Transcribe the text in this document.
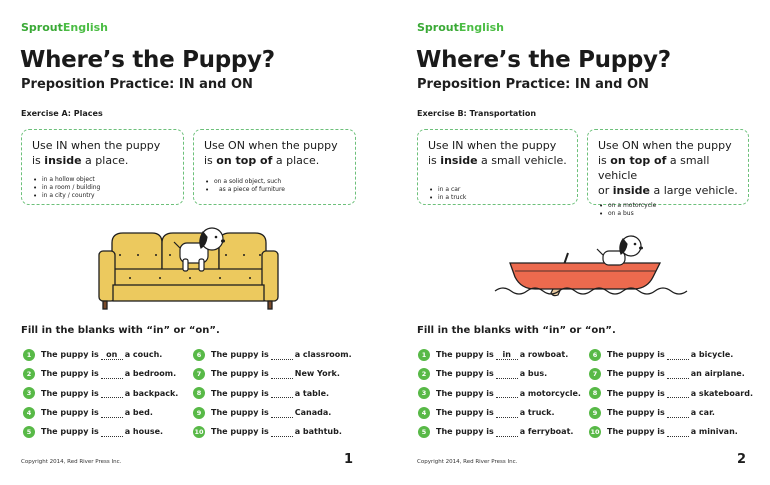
SproutEnglish
Where’s the Puppy?
Preposition Practice: IN and ON
Exercise A: Places
Use IN when the puppy
is inside a place.
• in a hollow object
• in a room / building
• in a city / country
Use ON when the puppy
is on top of a place.
• on a solid object, such
• as a piece of furniture
Fill in the blanks with “in” or “on”.
1	The puppy is on a couch.
2	The puppy is	a bedroom.
3	The puppy is	a backpack.
4	The puppy is	a bed.
5	The puppy is	a house.
6	The puppy is	a classroom.
7	The puppy is	New York.
8	The puppy is	a table.
9	The puppy is	Canada.
10 The puppy is	a bathtub.
Copyright 2014, Red River Press Inc.	1
SproutEnglish
Where’s the Puppy?
Preposition Practice: IN and ON
Exercise B: Transportation
Use IN when the puppy
is inside a small vehicle.
• in a car
• in a truck
Use ON when the puppy
is on top of a small vehicle
or inside a large vehicle.
• on a motorcycle
• on a bus
Fill in the blanks with “in” or “on”.
1	The puppy is	in	a rowboat.
2	The puppy is	a bus.
3	The puppy is	a motorcycle.
4	The puppy is	a truck.
5	The puppy is	a ferryboat.
6	The puppy is	a bicycle.
7	The puppy is	an airplane.
8	The puppy is	a skateboard.
9	The puppy is	a car.
10 The puppy is	a minivan.
Copyright 2014, Red River Press Inc.	2
